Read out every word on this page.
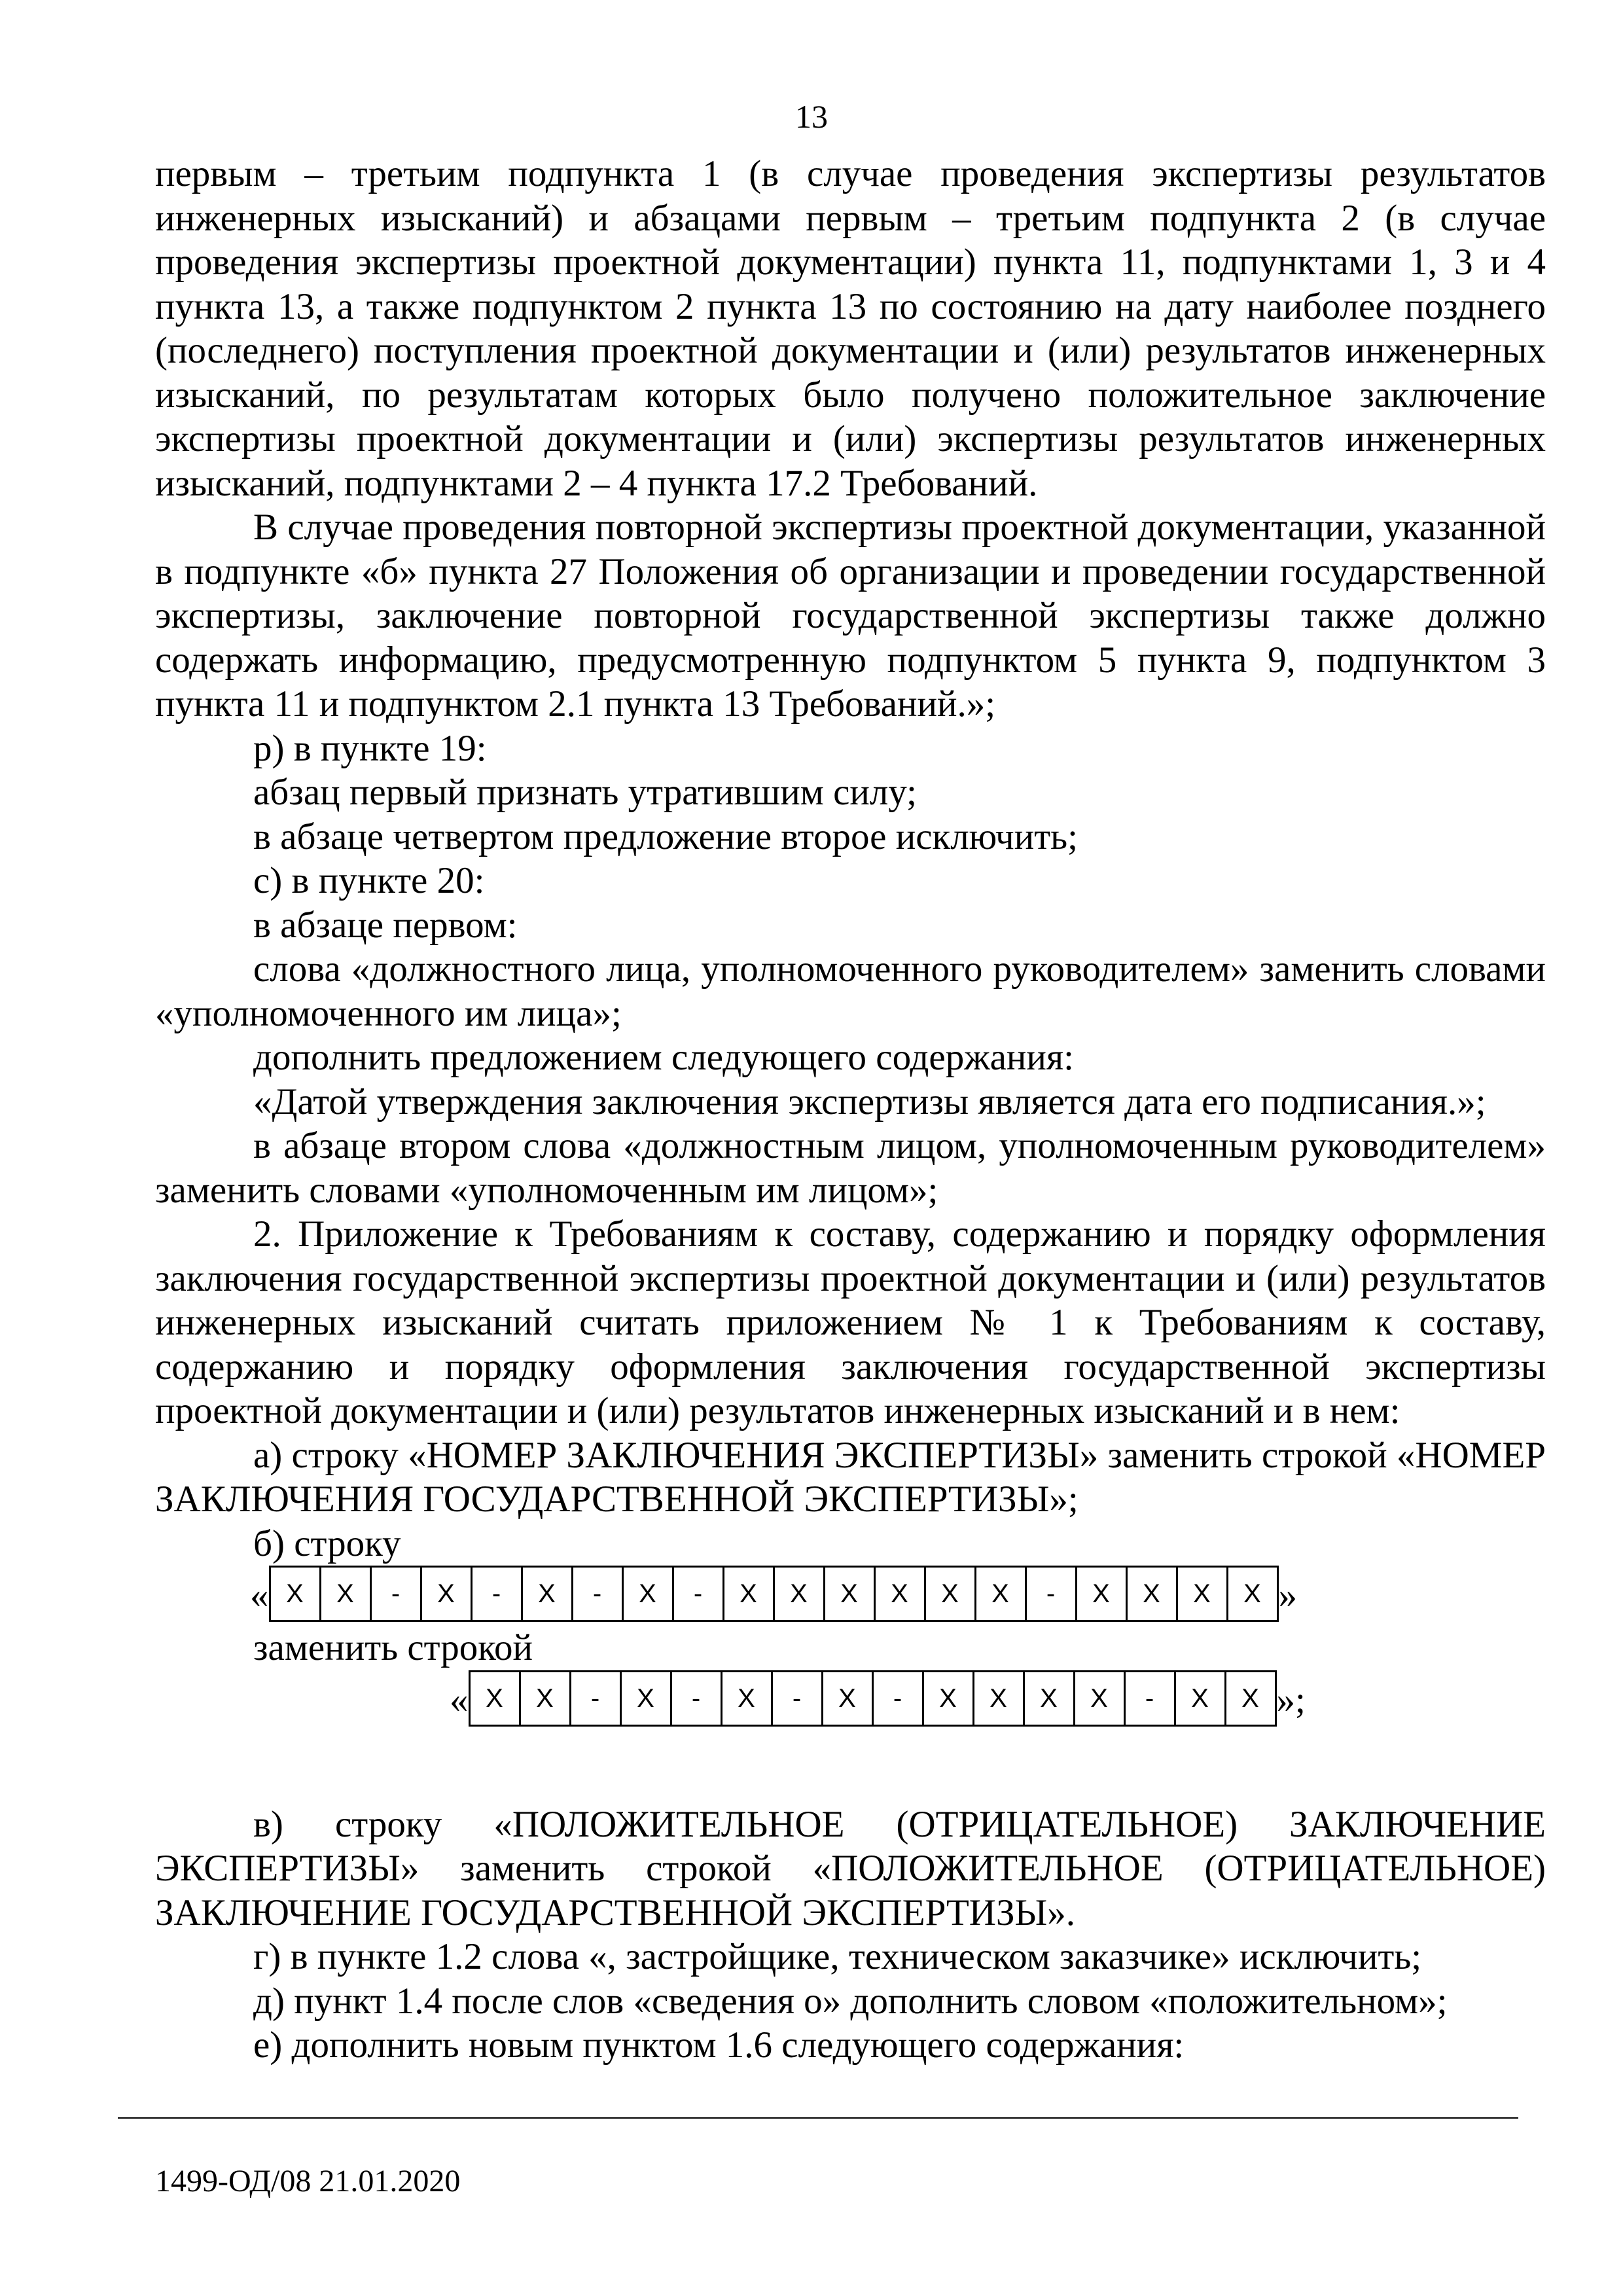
13

первым – третьим подпункта 1 (в случае проведения экспертизы результатов инженерных изысканий) и абзацами первым – третьим подпункта 2 (в случае проведения экспертизы проектной документации) пункта 11, подпунктами 1, 3 и 4 пункта 13, а также подпунктом 2 пункта 13 по состоянию на дату наиболее позднего (последнего) поступления проектной документации и (или) результатов инженерных изысканий, по результатам которых было получено положительное заключение экспертизы проектной документации и (или) экспертизы результатов инженерных изысканий, подпунктами 2 – 4 пункта 17.2 Требований.

В случае проведения повторной экспертизы проектной документации, указанной в подпункте «б» пункта 27 Положения об организации и проведении государственной экспертизы, заключение повторной государственной экспертизы также должно содержать информацию, предусмотренную подпунктом 5 пункта 9, подпунктом 3 пункта 11 и подпунктом 2.1 пункта 13 Требований.»;

р) в пункте 19:

абзац первый признать утратившим силу;

в абзаце четвертом предложение второе исключить;

с) в пункте 20:

в абзаце первом:

слова «должностного лица, уполномоченного руководителем» заменить словами «уполномоченного им лица»;

дополнить предложением следующего содержания:

«Датой утверждения заключения экспертизы является дата его подписания.»;

в абзаце втором слова «должностным лицом, уполномоченным руководителем» заменить словами «уполномоченным им лицом»;

2. Приложение к Требованиям к составу, содержанию и порядку оформления заключения государственной экспертизы проектной документации и (или) результатов инженерных изысканий считать приложением № 1 к Требованиям к составу, содержанию и порядку оформления заключения государственной экспертизы проектной документации и (или) результатов инженерных изысканий и в нем:

а) строку «НОМЕР ЗАКЛЮЧЕНИЯ ЭКСПЕРТИЗЫ» заменить строкой «НОМЕР ЗАКЛЮЧЕНИЯ ГОСУДАРСТВЕННОЙ ЭКСПЕРТИЗЫ»;

б) строку

« Х	Х	-	Х	-	Х	-	Х	-	Х	Х	Х	Х	Х	Х	-	Х	Х	Х	Х »

заменить строкой

« Х	Х	-	Х	-	Х	-	Х	-	Х	Х	Х	Х	-	Х	Х »;

в) строку «ПОЛОЖИТЕЛЬНОЕ (ОТРИЦАТЕЛЬНОЕ) ЗАКЛЮЧЕНИЕ ЭКСПЕРТИЗЫ» заменить строкой «ПОЛОЖИТЕЛЬНОЕ (ОТРИЦАТЕЛЬНОЕ) ЗАКЛЮЧЕНИЕ ГОСУДАРСТВЕННОЙ ЭКСПЕРТИЗЫ».

г) в пункте 1.2 слова «, застройщике, техническом заказчике» исключить;

д) пункт 1.4 после слов «сведения о» дополнить словом «положительном»;

е) дополнить новым пунктом 1.6 следующего содержания:

1499-ОД/08 21.01.2020
